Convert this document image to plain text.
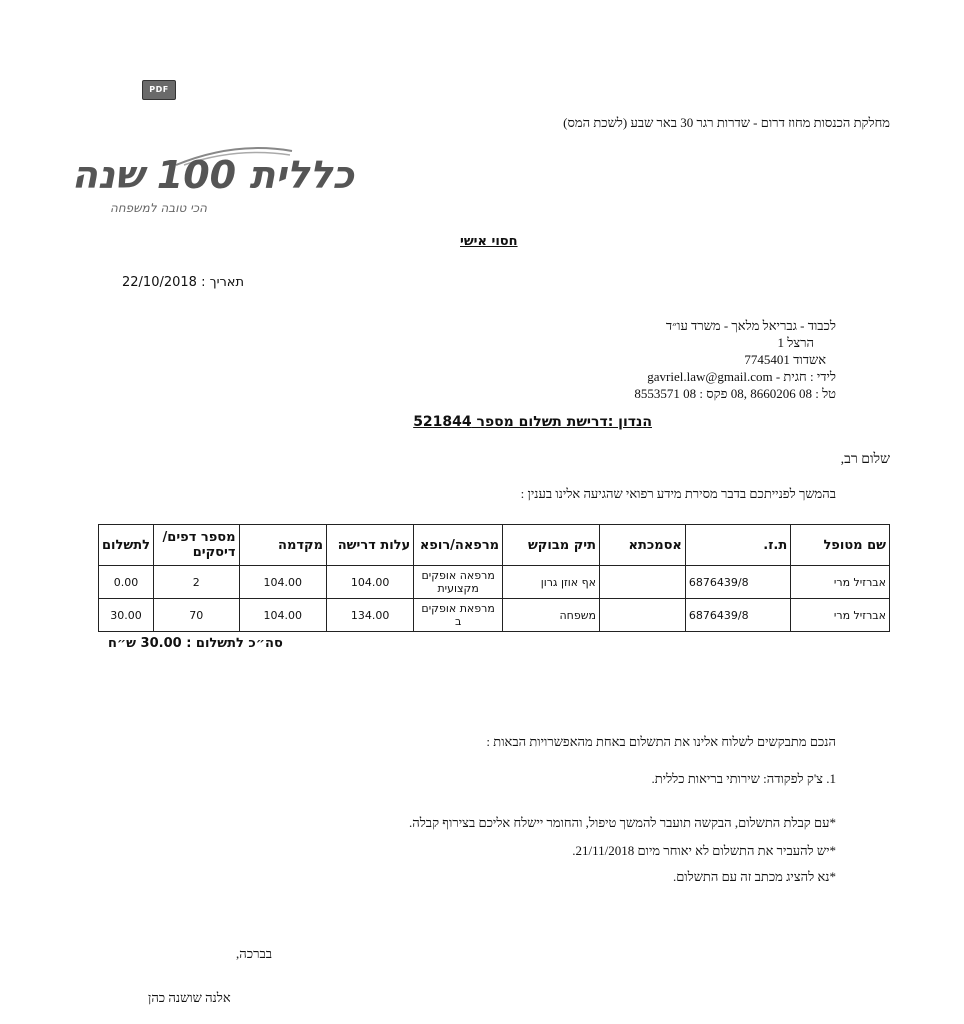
PDF
מחלקת הכנסות מחוז דרום - שדרות רגר 30 באר שבע (לשכת המס)
כללית 100 שנה
הכי טובה למשפחה
חסוי אישי
תאריך : 22/10/2018
לכבוד - גבריאל מלאך - משרד עו״ד
הרצל 1
אשדוד 7745401
לידי : חגית - gavriel.law@gmail.com
טל : 08 8660206 ,08 פקס : 08 8553571
הנדון :דרישת תשלום מספר 521844
שלום רב,
בהמשך לפנייתכם בדבר מסירת מידע רפואי שהגיעה אלינו בענין :
שם מטופל	ת.ז.	אסמכתא	תיק מבוקש	מרפאה/רופא	עלות דרישה	מקדמה	מספר דפים/ דיסקים	לתשלום
אברזיל מרי	6876439/8		אף אוזן גרון	מרפאה אופקים מקצועית	104.00	104.00	2	0.00
אברזיל מרי	6876439/8		משפחה	מרפאת אופקים ב	134.00	104.00	70	30.00
סה״כ לתשלום : 30.00 ש״ח
הנכם מתבקשים לשלוח אלינו את התשלום באחת מהאפשרויות הבאות :
1. צ'ק לפקודה: שירותי בריאות כללית.
*עם קבלת התשלום, הבקשה תועבר להמשך טיפול, והחומר יישלח אליכם בצירוף קבלה.
*יש להעביר את התשלום לא יאוחר מיום 21/11/2018.
*נא להציג מכתב זה עם התשלום.
בברכה,
אלנה שושנה כהן
